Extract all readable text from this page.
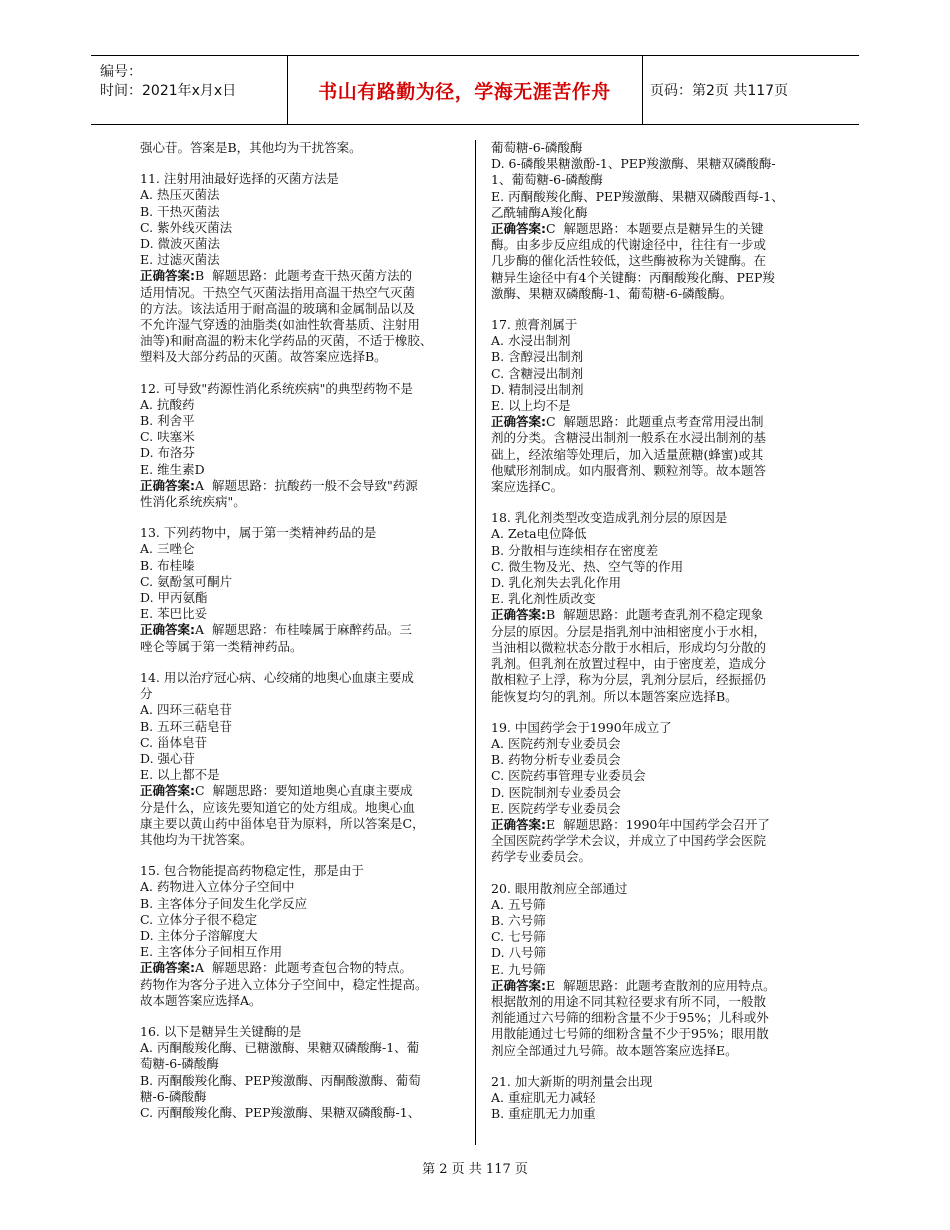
编号：
时间：2021年x月x日	书山有路勤为径，学海无涯苦作舟	页码：第2页 共117页
强心苷。答案是B，其他均为干扰答案。
11. 注射用油最好选择的灭菌方法是
A. 热压灭菌法
B. 干热灭菌法
C. 紫外线灭菌法
D. 微波灭菌法
E. 过滤灭菌法
正确答案:B  解题思路：此题考查干热灭菌方法的
适用情况。干热空气灭菌法指用高温干热空气灭菌
的方法。该法适用于耐高温的玻璃和金属制品以及
不允许湿气穿透的油脂类(如油性软膏基质、注射用
油等)和耐高温的粉末化学药品的灭菌，不适于橡胶、
塑料及大部分药品的灭菌。故答案应选择B。
12. 可导致"药源性消化系统疾病"的典型药物不是
A. 抗酸药
B. 利舍平
C. 呋塞米
D. 布洛芬
E. 维生素D
正确答案:A  解题思路：抗酸药一般不会导致"药源
性消化系统疾病"。
13. 下列药物中，属于第一类精神药品的是
A. 三唑仑
B. 布桂嗪
C. 氨酚氢可酮片
D. 甲丙氨酯
E. 苯巴比妥
正确答案:A  解题思路：布桂嗪属于麻醉药品。三
唑仑等属于第一类精神药品。
14. 用以治疗冠心病、心绞痛的地奥心血康主要成
分
A. 四环三萜皂苷
B. 五环三萜皂苷
C. 甾体皂苷
D. 强心苷
E. 以上都不是
正确答案:C  解题思路：要知道地奥心直康主要成
分是什么，应该先要知道它的处方组成。地奥心血
康主要以黄山药中甾体皂苷为原料，所以答案是C，
其他均为干扰答案。
15. 包合物能提高药物稳定性，那是由于
A. 药物进入立体分子空间中
B. 主客体分子间发生化学反应
C. 立体分子很不稳定
D. 主体分子溶解度大
E. 主客体分子间相互作用
正确答案:A  解题思路：此题考查包合物的特点。
药物作为客分子进入立体分子空间中，稳定性提高。
故本题答案应选择A。
16. 以下是糖异生关键酶的是
A. 丙酮酸羧化酶、已糖激酶、果糖双磷酸酶-1、葡
萄糖-6-磷酸酶
B. 丙酮酸羧化酶、PEP羧激酶、丙酮酸激酶、葡萄
糖-6-磷酸酶
C. 丙酮酸羧化酶、PEP羧激酶、果糖双磷酸酶-1、
葡萄糖-6-磷酸酶
D. 6-磷酸果糖激酚-1、PEP羧激酶、果糖双磷酸酶-
1、葡萄糖-6-磷酸酶
E. 丙酮酸羧化酶、PEP羧激酶、果糖双磷酸酉每-1、
乙酰辅酶A羧化酶
正确答案:C  解题思路：本题要点是糖异生的关键
酶。由多步反应组成的代谢途径中，往往有一步或
几步酶的催化活性较低，这些酶被称为关键酶。在
糖异生途径中有4个关键酶：丙酮酸羧化酶、PEP羧
激酶、果糖双磷酸酶-1、葡萄糖-6-磷酸酶。
17. 煎膏剂属于
A. 水浸出制剂
B. 含醇浸出制剂
C. 含糖浸出制剂
D. 精制浸出制剂
E. 以上均不是
正确答案:C  解题思路：此题重点考查常用浸出制
剂的分类。含糖浸出制剂一般系在水浸出制剂的基
础上，经浓缩等处理后，加入适量蔗糖(蜂蜜)或其
他赋形剂制成。如内服膏剂、颗粒剂等。故本题答
案应选择C。
18. 乳化剂类型改变造成乳剂分层的原因是
A. Zeta电位降低
B. 分散相与连续相存在密度差
C. 微生物及光、热、空气等的作用
D. 乳化剂失去乳化作用
E. 乳化剂性质改变
正确答案:B  解题思路：此题考查乳剂不稳定现象
分层的原因。分层是指乳剂中油相密度小于水相，
当油相以微粒状态分散于水相后，形成均匀分散的
乳剂。但乳剂在放置过程中，由于密度差，造成分
散相粒子上浮，称为分层，乳剂分层后，经振摇仍
能恢复均匀的乳剂。所以本题答案应选择B。
19. 中国药学会于1990年成立了
A. 医院药剂专业委员会
B. 药物分析专业委员会
C. 医院药事管理专业委员会
D. 医院制剂专业委员会
E. 医院药学专业委员会
正确答案:E  解题思路：1990年中国药学会召开了
全国医院药学学术会议，并成立了中国药学会医院
药学专业委员会。
20. 眼用散剂应全部通过
A. 五号筛
B. 六号筛
C. 七号筛
D. 八号筛
E. 九号筛
正确答案:E  解题思路：此题考查散剂的应用特点。
根据散剂的用途不同其粒径要求有所不同，一般散
剂能通过六号筛的细粉含量不少于95%；儿科或外
用散能通过七号筛的细粉含量不少于95%；眼用散
剂应全部通过九号筛。故本题答案应选择E。
21. 加大新斯的明剂量会出现
A. 重症肌无力减轻
B. 重症肌无力加重
第 2 页 共 117 页
